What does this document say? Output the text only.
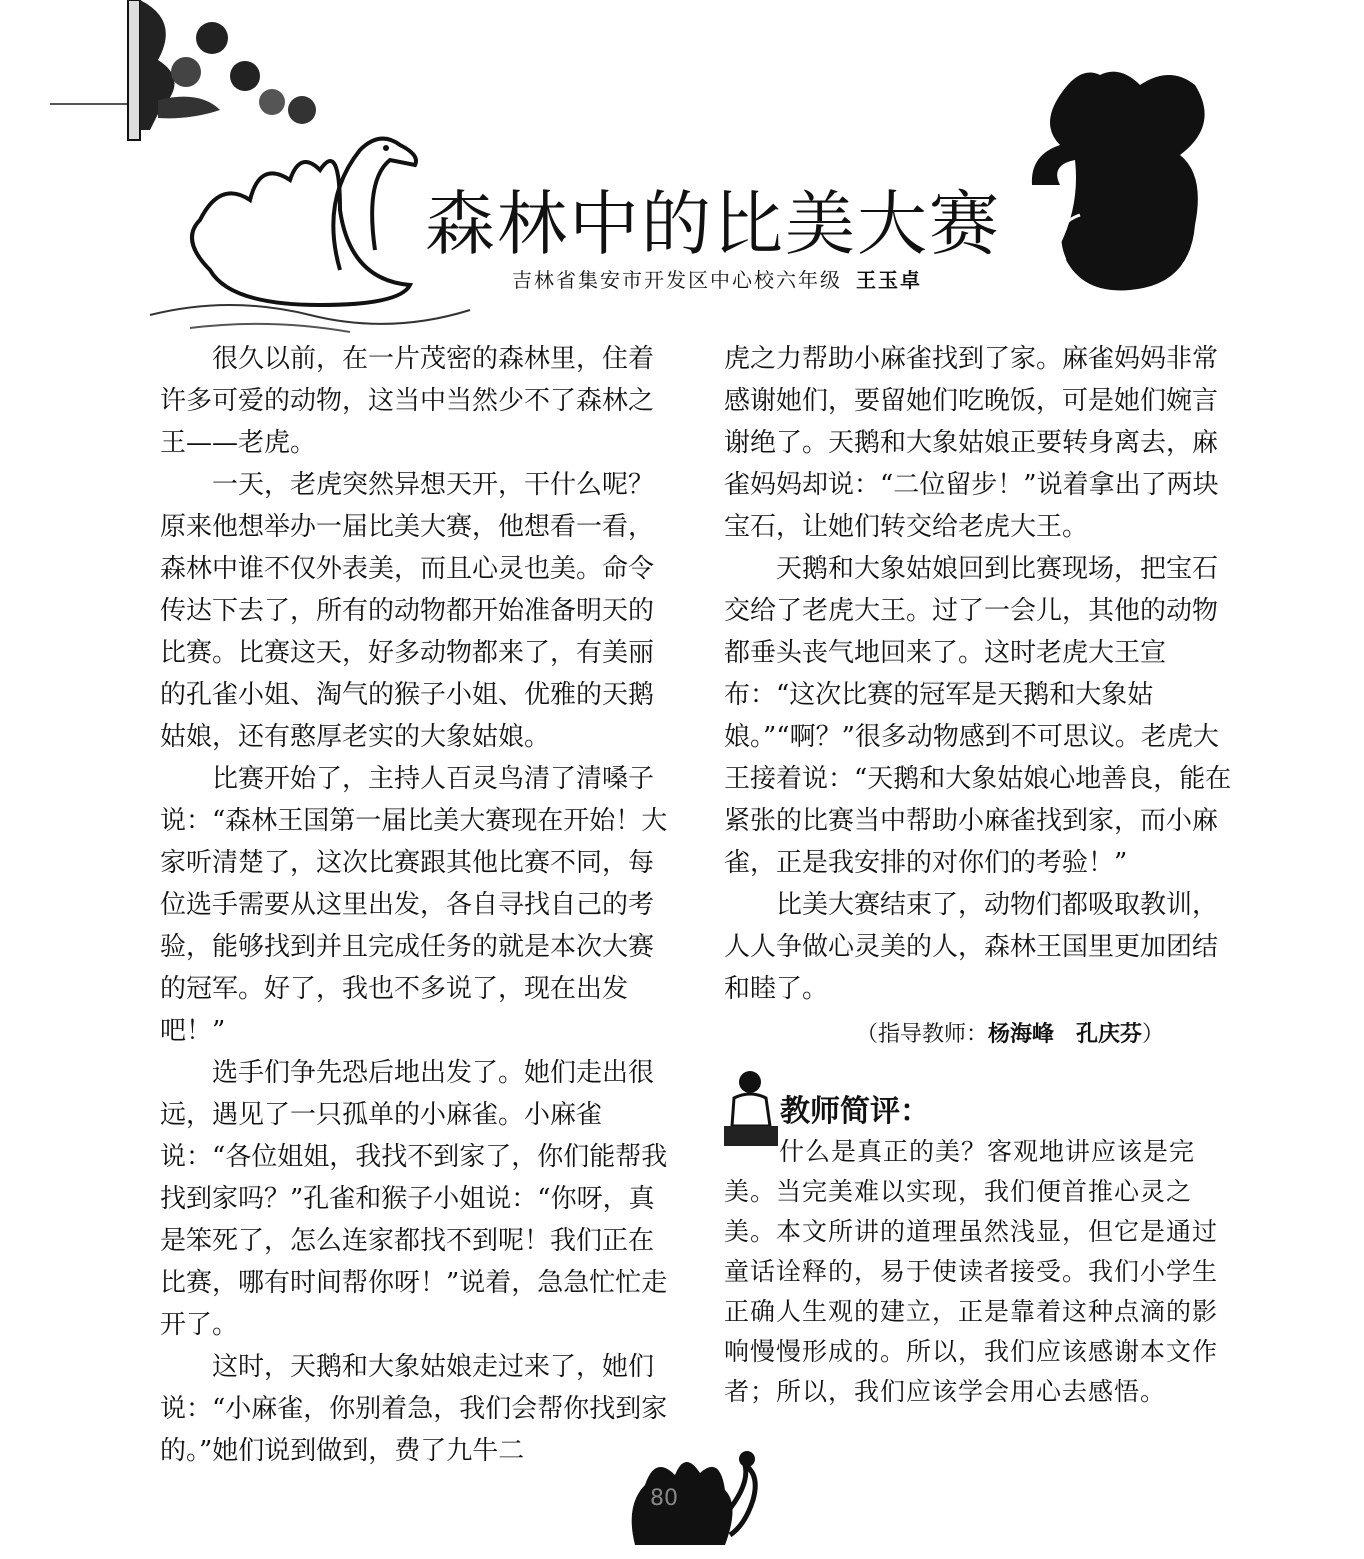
森林中的比美大赛
吉林省集安市开发区中心校六年级 王玉卓

很久以前，在一片茂密的森林里，住着许多可爱的动物，这当中当然少不了森林之王——老虎。

一天，老虎突然异想天开，干什么呢？原来他想举办一届比美大赛，他想看一看，森林中谁不仅外表美，而且心灵也美。命令传达下去了，所有的动物都开始准备明天的比赛。比赛这天，好多动物都来了，有美丽的孔雀小姐、淘气的猴子小姐、优雅的天鹅姑娘，还有憨厚老实的大象姑娘。

比赛开始了，主持人百灵鸟清了清嗓子说：“森林王国第一届比美大赛现在开始！大家听清楚了，这次比赛跟其他比赛不同，每位选手需要从这里出发，各自寻找自己的考验，能够找到并且完成任务的就是本次大赛的冠军。好了，我也不多说了，现在出发吧！”

选手们争先恐后地出发了。她们走出很远，遇见了一只孤单的小麻雀。小麻雀说：“各位姐姐，我找不到家了，你们能帮我找到家吗？”孔雀和猴子小姐说：“你呀，真是笨死了，怎么连家都找不到呢！我们正在比赛，哪有时间帮你呀！”说着，急急忙忙走开了。

这时，天鹅和大象姑娘走过来了，她们说：“小麻雀，你别着急，我们会帮你找到家的。”她们说到做到，费了九牛二

虎之力帮助小麻雀找到了家。麻雀妈妈非常感谢她们，要留她们吃晚饭，可是她们婉言谢绝了。天鹅和大象姑娘正要转身离去，麻雀妈妈却说：“二位留步！”说着拿出了两块宝石，让她们转交给老虎大王。

天鹅和大象姑娘回到比赛现场，把宝石交给了老虎大王。过了一会儿，其他的动物都垂头丧气地回来了。这时老虎大王宣布：“这次比赛的冠军是天鹅和大象姑娘。”“啊？”很多动物感到不可思议。老虎大王接着说：“天鹅和大象姑娘心地善良，能在紧张的比赛当中帮助小麻雀找到家，而小麻雀，正是我安排的对你们的考验！”

比美大赛结束了，动物们都吸取教训，人人争做心灵美的人，森林王国里更加团结和睦了。

（指导教师：杨海峰　孔庆芬）
教师简评：

什么是真正的美？客观地讲应该是完美。当完美难以实现，我们便首推心灵之美。本文所讲的道理虽然浅显，但它是通过童话诠释的，易于使读者接受。我们小学生正确人生观的建立，正是靠着这种点滴的影响慢慢形成的。所以，我们应该感谢本文作者；所以，我们应该学会用心去感悟。

80
